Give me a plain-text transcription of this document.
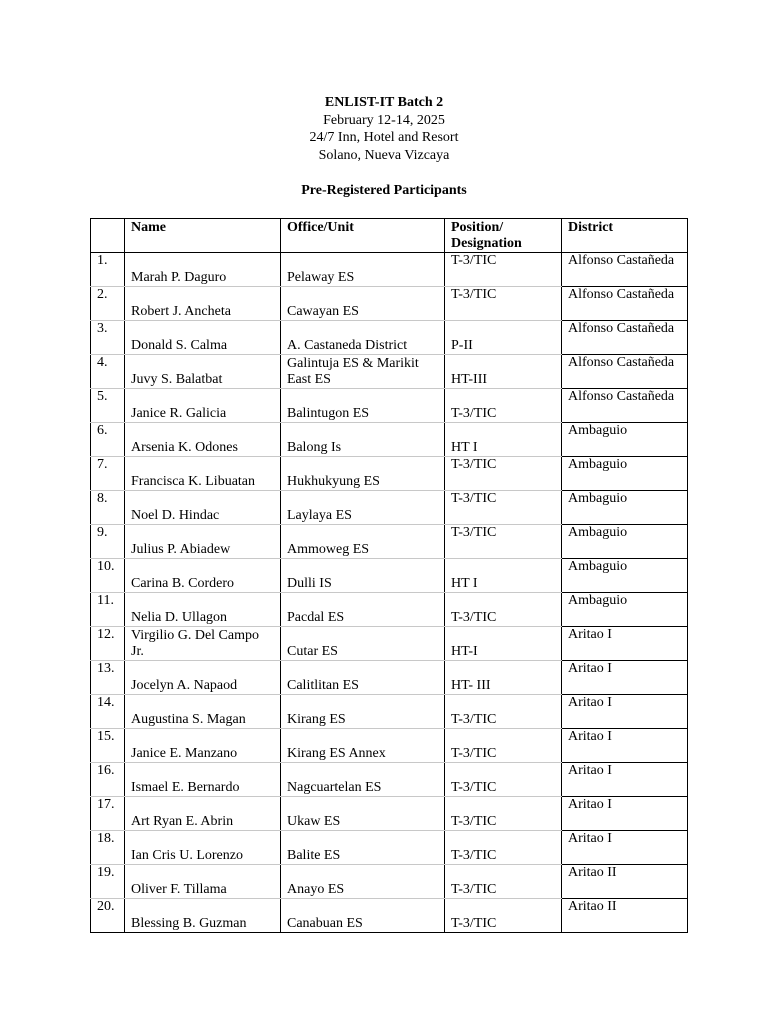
ENLIST-IT Batch 2
February 12-14, 2025
24/7 Inn, Hotel and Resort
Solano, Nueva Vizcaya
Pre-Registered Participants
	Name	Office/Unit	Position/ Designation	District

1.	Marah P. Daguro	Pelaway ES	T-3/TIC	Alfonso Castañeda

2.	Robert J. Ancheta	Cawayan ES	T-3/TIC	Alfonso Castañeda

3.	Donald S. Calma	A. Castaneda District	P-II	Alfonso Castañeda

4.	Juvy S. Balatbat	Galintuja ES & Marikit East ES	HT-III	Alfonso Castañeda

5.	Janice R. Galicia	Balintugon ES	T-3/TIC	Alfonso Castañeda

6.	Arsenia K. Odones	Balong Is	HT I	Ambaguio

7.	Francisca K. Libuatan	Hukhukyung ES	T-3/TIC	Ambaguio

8.	Noel D. Hindac	Laylaya ES	T-3/TIC	Ambaguio

9.	Julius P. Abiadew	Ammoweg ES	T-3/TIC	Ambaguio

10.	Carina B. Cordero	Dulli IS	HT I	Ambaguio

11.	Nelia D. Ullagon	Pacdal ES	T-3/TIC	Ambaguio

12.	Virgilio G. Del Campo Jr.	Cutar ES	HT-I	Aritao I

13.	Jocelyn A. Napaod	Calitlitan ES	HT- III	Aritao I

14.	Augustina S. Magan	Kirang ES	T-3/TIC	Aritao I

15.	Janice E. Manzano	Kirang ES Annex	T-3/TIC	Aritao I

16.	Ismael E. Bernardo	Nagcuartelan ES	T-3/TIC	Aritao I

17.	Art Ryan E. Abrin	Ukaw ES	T-3/TIC	Aritao I

18.	Ian Cris U. Lorenzo	Balite ES	T-3/TIC	Aritao I

19.	Oliver F. Tillama	Anayo ES	T-3/TIC	Aritao II

20.	Blessing B. Guzman	Canabuan ES	T-3/TIC	Aritao II
